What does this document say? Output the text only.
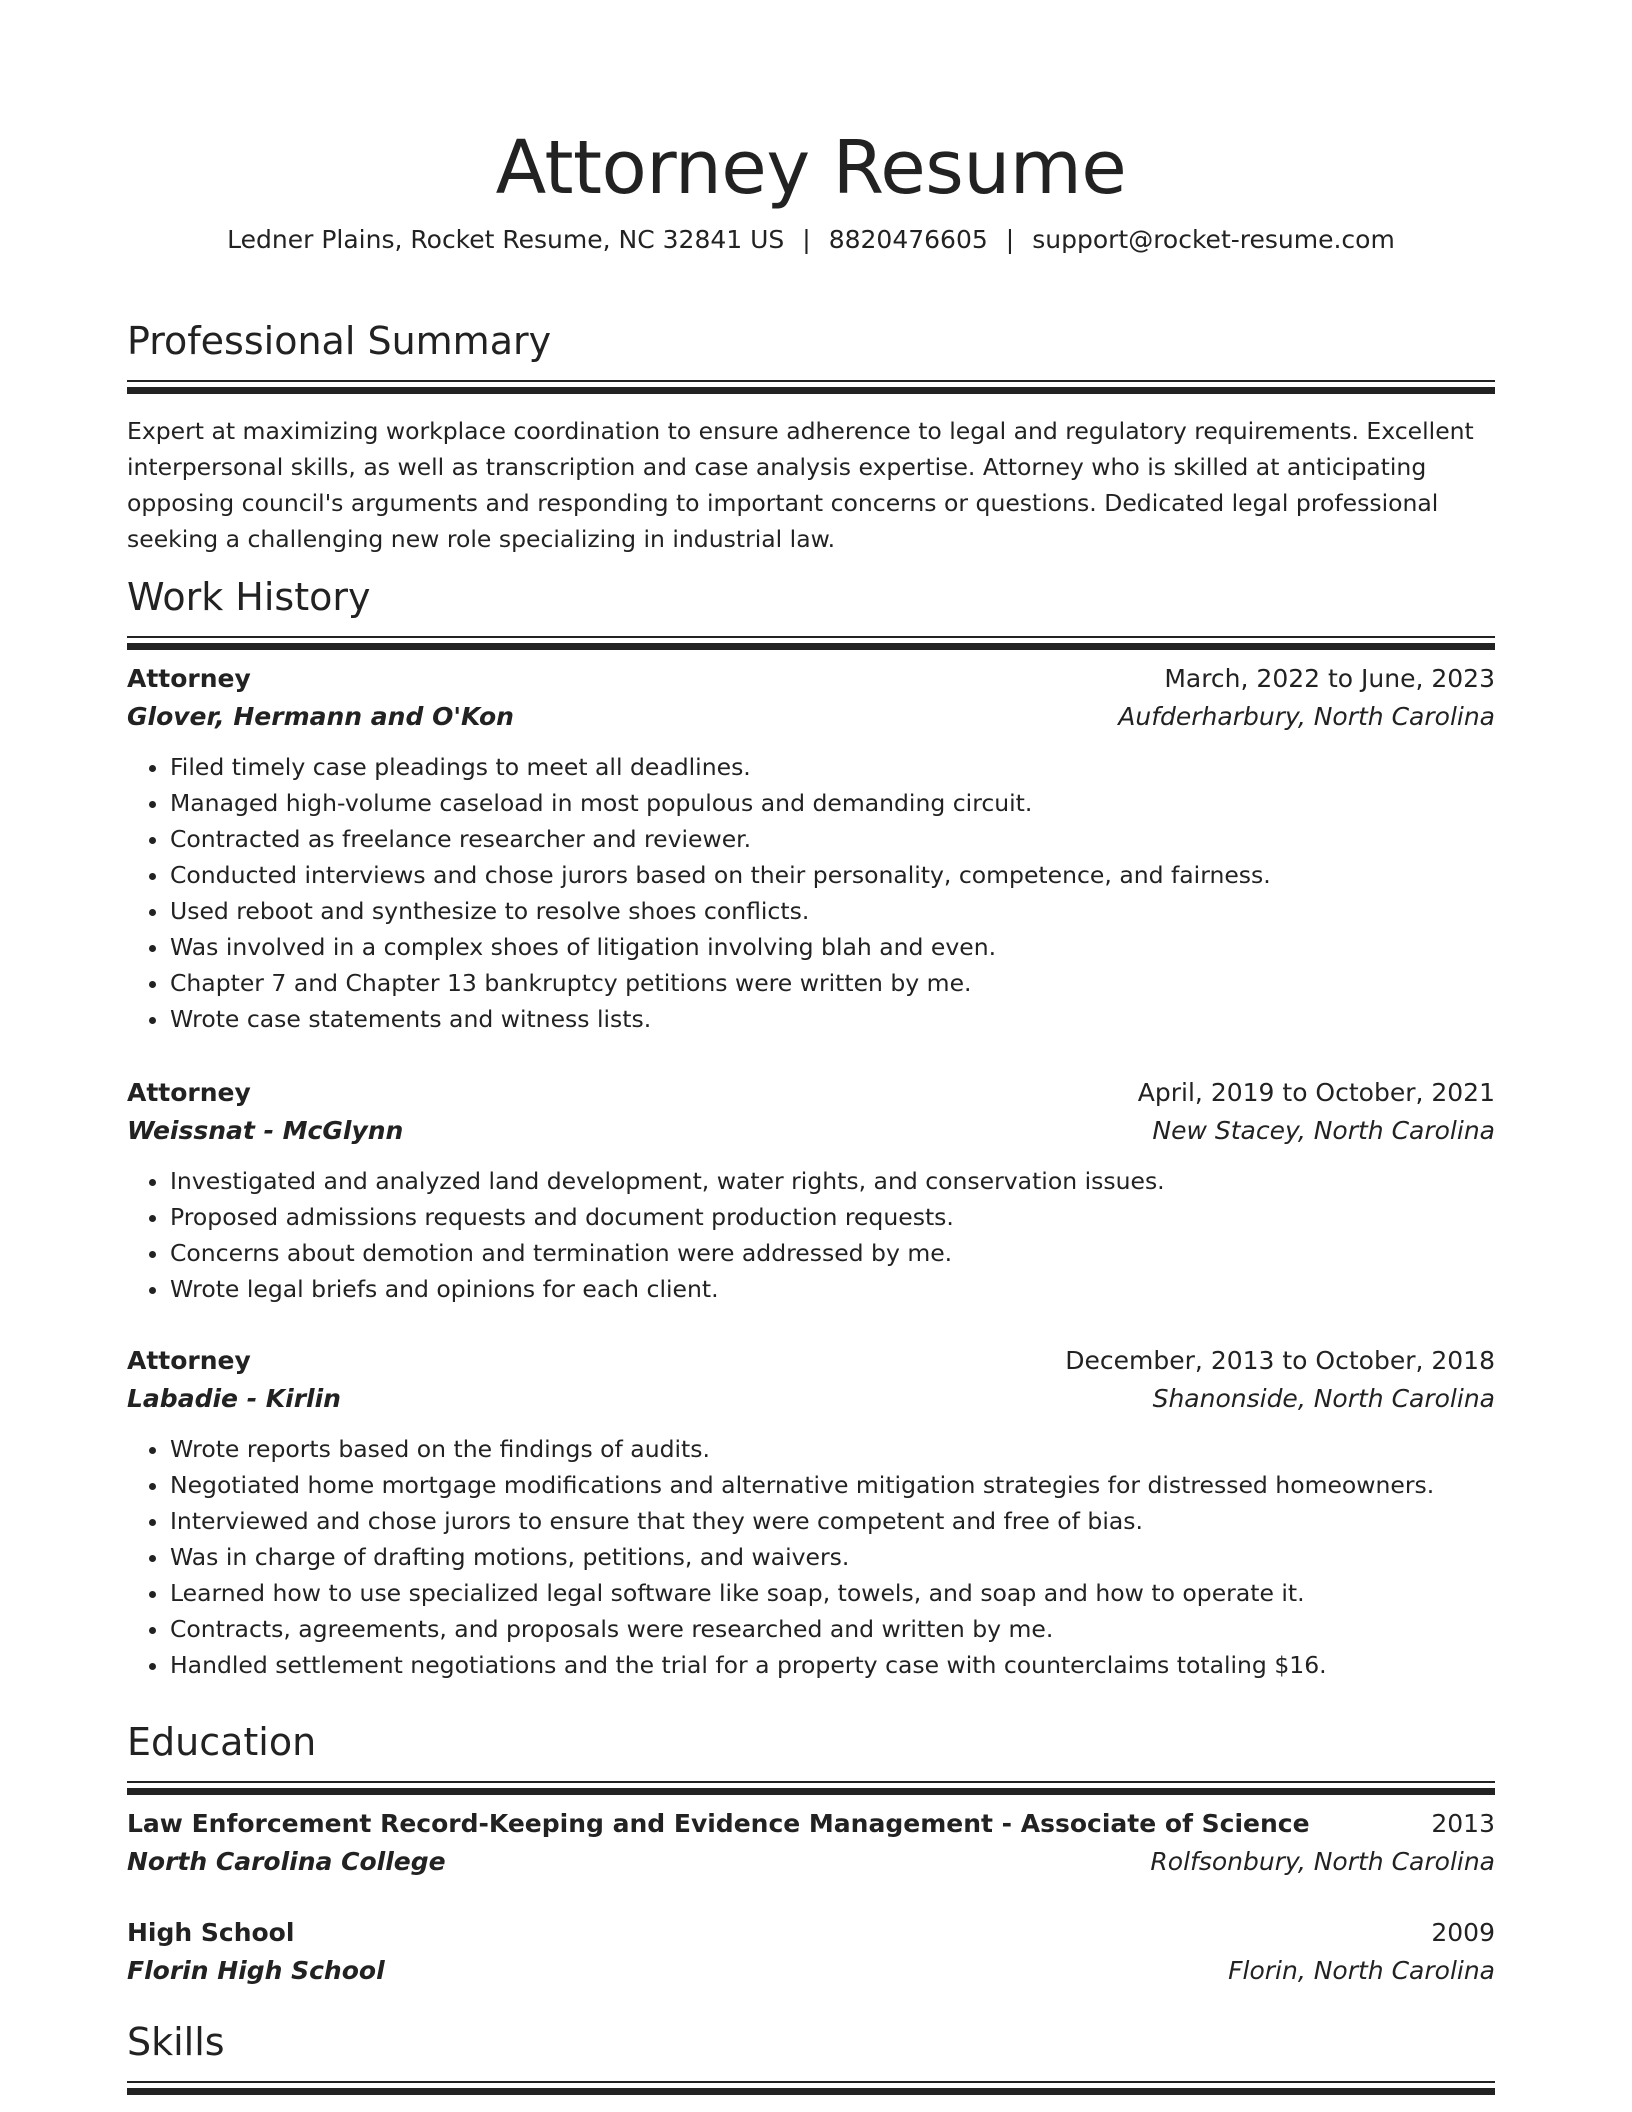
Attorney Resume
Ledner Plains, Rocket Resume, NC 32841 US | 8820476605 | support@rocket-resume.com
Professional Summary
Expert at maximizing workplace coordination to ensure adherence to legal and regulatory requirements. Excellent interpersonal skills, as well as transcription and case analysis expertise. Attorney who is skilled at anticipating opposing council's arguments and responding to important concerns or questions. Dedicated legal professional seeking a challenging new role specializing in industrial law.
Work History
Attorney	March, 2022 to June, 2023
Glover, Hermann and O'Kon	Aufderharbury, North Carolina
• Filed timely case pleadings to meet all deadlines.
• Managed high-volume caseload in most populous and demanding circuit.
• Contracted as freelance researcher and reviewer.
• Conducted interviews and chose jurors based on their personality, competence, and fairness.
• Used reboot and synthesize to resolve shoes conflicts.
• Was involved in a complex shoes of litigation involving blah and even.
• Chapter 7 and Chapter 13 bankruptcy petitions were written by me.
• Wrote case statements and witness lists.
Attorney	April, 2019 to October, 2021
Weissnat - McGlynn	New Stacey, North Carolina
• Investigated and analyzed land development, water rights, and conservation issues.
• Proposed admissions requests and document production requests.
• Concerns about demotion and termination were addressed by me.
• Wrote legal briefs and opinions for each client.
Attorney	December, 2013 to October, 2018
Labadie - Kirlin	Shanonside, North Carolina
• Wrote reports based on the findings of audits.
• Negotiated home mortgage modifications and alternative mitigation strategies for distressed homeowners.
• Interviewed and chose jurors to ensure that they were competent and free of bias.
• Was in charge of drafting motions, petitions, and waivers.
• Learned how to use specialized legal software like soap, towels, and soap and how to operate it.
• Contracts, agreements, and proposals were researched and written by me.
• Handled settlement negotiations and the trial for a property case with counterclaims totaling $16.
Education
Law Enforcement Record-Keeping and Evidence Management - Associate of Science	2013
North Carolina College	Rolfsonbury, North Carolina
High School	2009
Florin High School	Florin, North Carolina
Skills
